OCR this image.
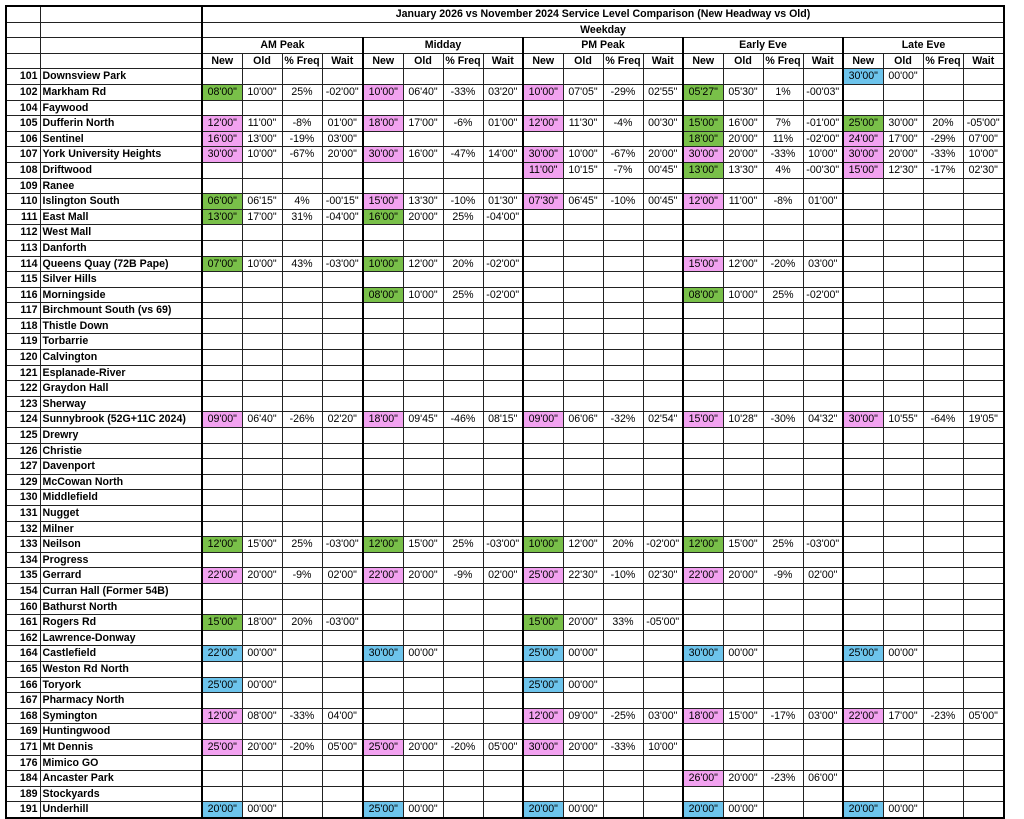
		January 2026 vs November 2024 Service Level Comparison (New Headway vs Old)																			
		Weekday																			
		AM Peak				Midday				PM Peak				Early Eve				Late Eve			
		New	Old	% Freq	Wait	New	Old	% Freq	Wait	New	Old	% Freq	Wait	New	Old	% Freq	Wait	New	Old	% Freq	Wait
101	Downsview Park																	30'00"	00'00"		
102	Markham Rd	08'00"	10'00"	25%	-02'00"	10'00"	06'40"	-33%	03'20"	10'00"	07'05"	-29%	02'55"	05'27"	05'30"	1%	-00'03"				
104	Faywood																				
105	Dufferin North	12'00"	11'00"	-8%	01'00"	18'00"	17'00"	-6%	01'00"	12'00"	11'30"	-4%	00'30"	15'00"	16'00"	7%	-01'00"	25'00"	30'00"	20%	-05'00"
106	Sentinel	16'00"	13'00"	-19%	03'00"									18'00"	20'00"	11%	-02'00"	24'00"	17'00"	-29%	07'00"
107	York University Heights	30'00"	10'00"	-67%	20'00"	30'00"	16'00"	-47%	14'00"	30'00"	10'00"	-67%	20'00"	30'00"	20'00"	-33%	10'00"	30'00"	20'00"	-33%	10'00"
108	Driftwood									11'00"	10'15"	-7%	00'45"	13'00"	13'30"	4%	-00'30"	15'00"	12'30"	-17%	02'30"
109	Ranee																				
110	Islington South	06'00"	06'15"	4%	-00'15"	15'00"	13'30"	-10%	01'30"	07'30"	06'45"	-10%	00'45"	12'00"	11'00"	-8%	01'00"				
111	East Mall	13'00"	17'00"	31%	-04'00"	16'00"	20'00"	25%	-04'00"												
112	West Mall																				
113	Danforth																				
114	Queens Quay (72B Pape)	07'00"	10'00"	43%	-03'00"	10'00"	12'00"	20%	-02'00"					15'00"	12'00"	-20%	03'00"				
115	Silver Hills																				
116	Morningside					08'00"	10'00"	25%	-02'00"					08'00"	10'00"	25%	-02'00"				
117	Birchmount South (vs 69)																				
118	Thistle Down																				
119	Torbarrie																				
120	Calvington																				
121	Esplanade-River																				
122	Graydon Hall																				
123	Sherway																				
124	Sunnybrook (52G+11C 2024)	09'00"	06'40"	-26%	02'20"	18'00"	09'45"	-46%	08'15"	09'00"	06'06"	-32%	02'54"	15'00"	10'28"	-30%	04'32"	30'00"	10'55"	-64%	19'05"
125	Drewry																				
126	Christie																				
127	Davenport																				
129	McCowan North																				
130	Middlefield																				
131	Nugget																				
132	Milner																				
133	Neilson	12'00"	15'00"	25%	-03'00"	12'00"	15'00"	25%	-03'00"	10'00"	12'00"	20%	-02'00"	12'00"	15'00"	25%	-03'00"				
134	Progress																				
135	Gerrard	22'00"	20'00"	-9%	02'00"	22'00"	20'00"	-9%	02'00"	25'00"	22'30"	-10%	02'30"	22'00"	20'00"	-9%	02'00"				
154	Curran Hall (Former 54B)																				
160	Bathurst North																				
161	Rogers Rd	15'00"	18'00"	20%	-03'00"					15'00"	20'00"	33%	-05'00"								
162	Lawrence-Donway																				
164	Castlefield	22'00"	00'00"			30'00"	00'00"			25'00"	00'00"			30'00"	00'00"			25'00"	00'00"		
165	Weston Rd North																				
166	Toryork	25'00"	00'00"							25'00"	00'00"										
167	Pharmacy North																				
168	Symington	12'00"	08'00"	-33%	04'00"					12'00"	09'00"	-25%	03'00"	18'00"	15'00"	-17%	03'00"	22'00"	17'00"	-23%	05'00"
169	Huntingwood																				
171	Mt Dennis	25'00"	20'00"	-20%	05'00"	25'00"	20'00"	-20%	05'00"	30'00"	20'00"	-33%	10'00"								
176	Mimico GO																				
184	Ancaster Park													26'00"	20'00"	-23%	06'00"				
189	Stockyards																				
191	Underhill	20'00"	00'00"			25'00"	00'00"			20'00"	00'00"			20'00"	00'00"			20'00"	00'00"		
